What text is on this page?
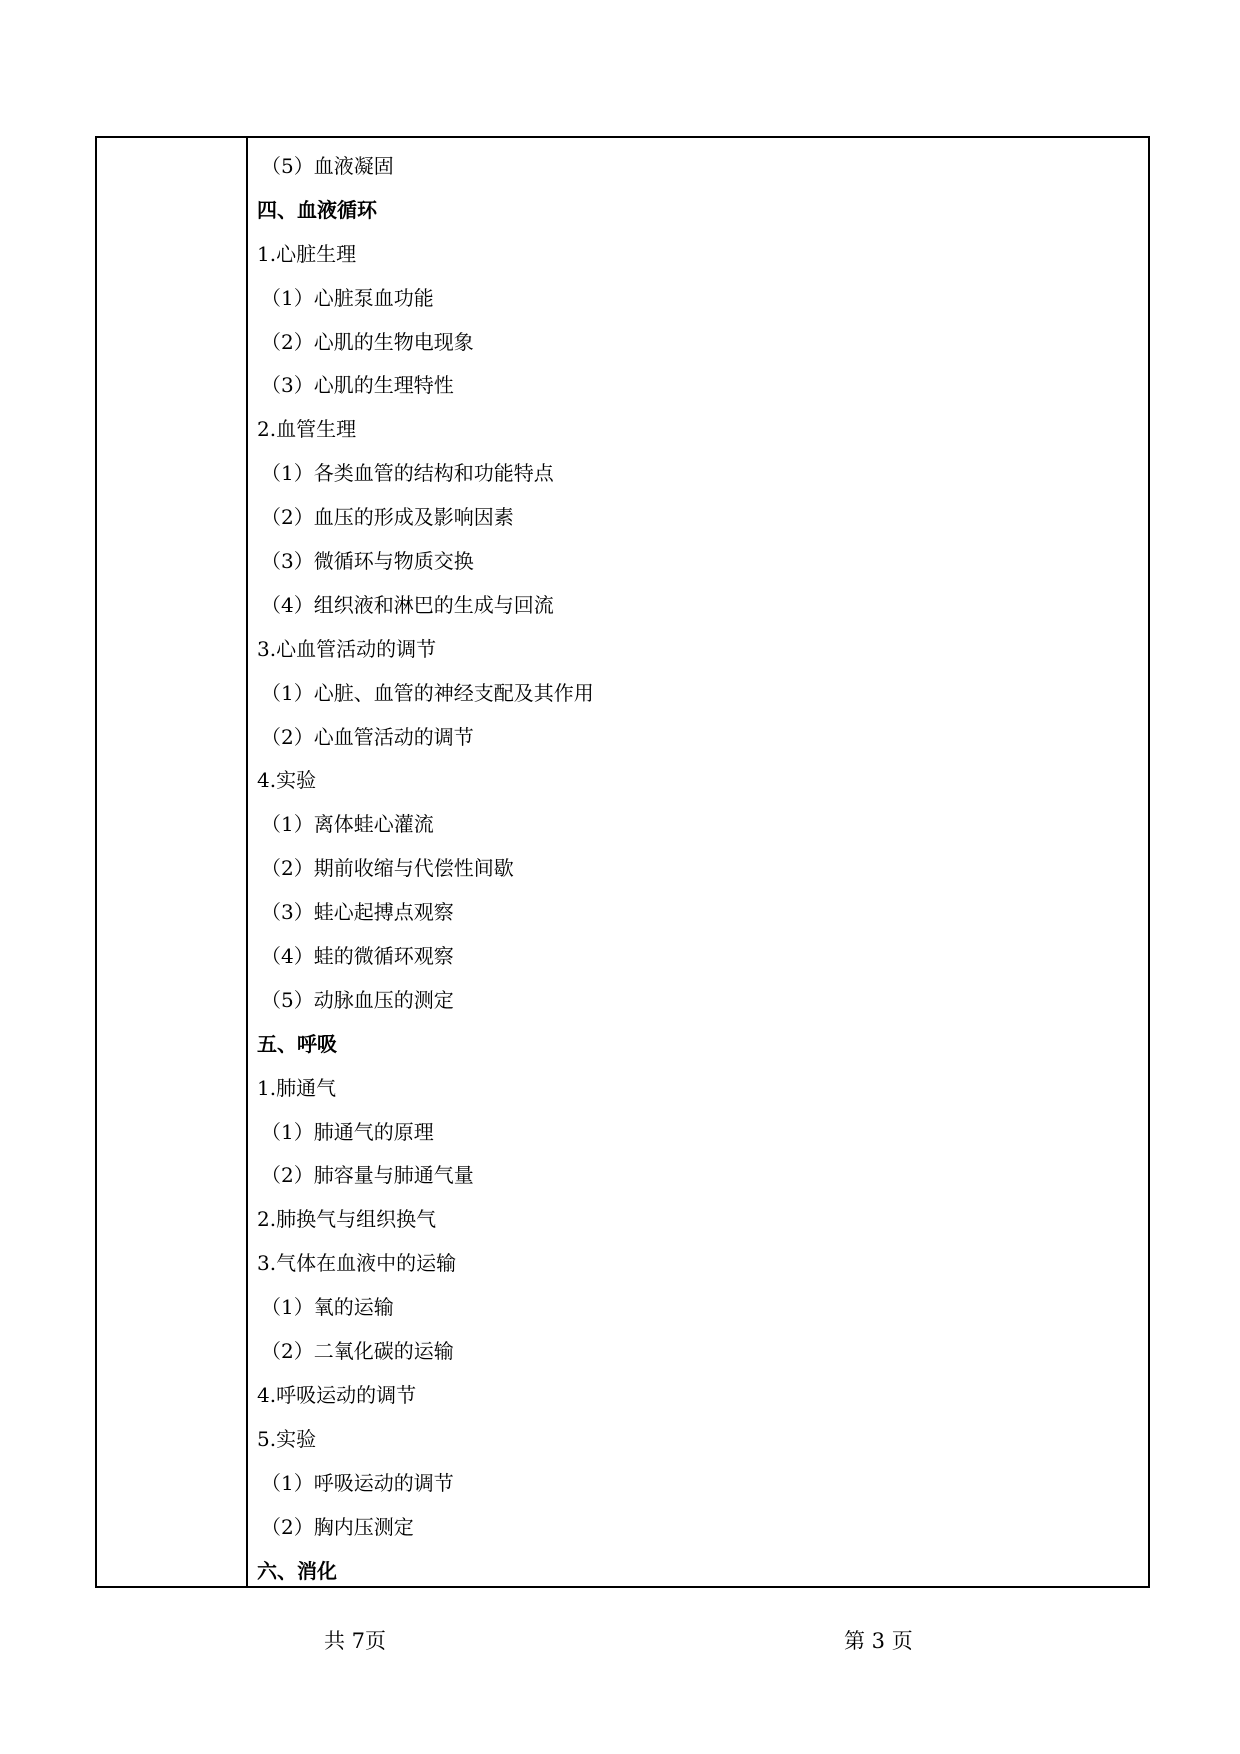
（5）血液凝固
四、血液循环
1.心脏生理
（1）心脏泵血功能
（2）心肌的生物电现象
（3）心肌的生理特性
2.血管生理
（1）各类血管的结构和功能特点
（2）血压的形成及影响因素
（3）微循环与物质交换
（4）组织液和淋巴的生成与回流
3.心血管活动的调节
（1）心脏、血管的神经支配及其作用
（2）心血管活动的调节
4.实验
（1）离体蛙心灌流
（2）期前收缩与代偿性间歇
（3）蛙心起搏点观察
（4）蛙的微循环观察
（5）动脉血压的测定
五、呼吸
1.肺通气
（1）肺通气的原理
（2）肺容量与肺通气量
2.肺换气与组织换气
3.气体在血液中的运输
（1）氧的运输
（2）二氧化碳的运输
4.呼吸运动的调节
5.实验
（1）呼吸运动的调节
（2）胸内压测定
六、消化
共 7页	第 3 页
